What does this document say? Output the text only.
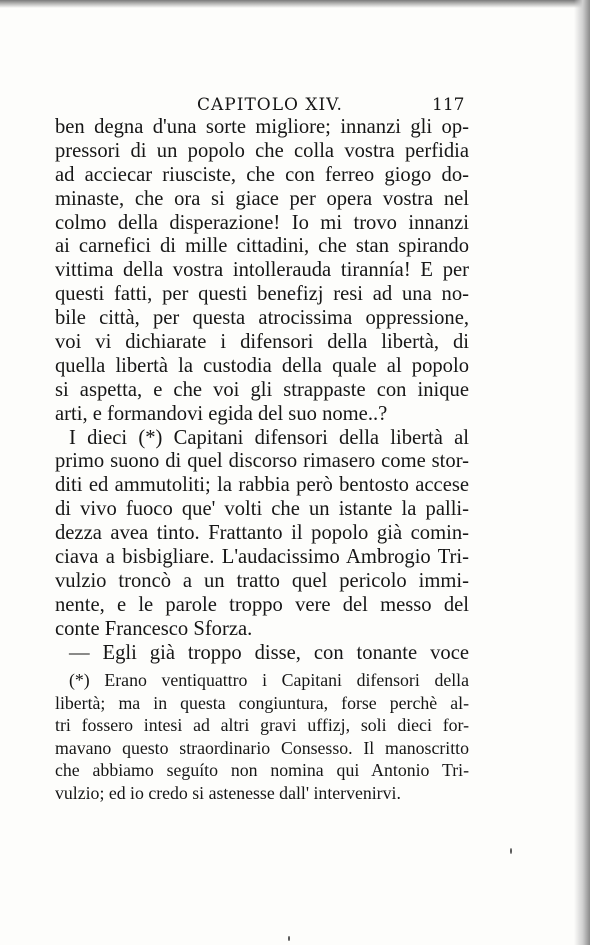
CAPITOLO XIV.	117
ben degna d'una sorte migliore; innanzi gli op-
pressori di un popolo che colla vostra perfidia
ad acciecar riusciste, che con ferreo giogo do-
minaste, che ora si giace per opera vostra nel
colmo della disperazione! Io mi trovo innanzi
ai carnefici di mille cittadini, che stan spirando
vittima della vostra intollerauda tirannía! E per
questi fatti, per questi benefizj resi ad una no-
bile città, per questa atrocissima oppressione,
voi vi dichiarate i difensori della libertà, di
quella libertà la custodia della quale al popolo
si aspetta, e che voi gli strappaste con inique
arti, e formandovi egida del suo nome..?
I dieci (*) Capitani difensori della libertà al
primo suono di quel discorso rimasero come stor-
diti ed ammutoliti; la rabbia però bentosto accese
di vivo fuoco que' volti che un istante la palli-
dezza avea tinto. Frattanto il popolo già comin-
ciava a bisbigliare. L'audacissimo Ambrogio Tri-
vulzio troncò a un tratto quel pericolo immi-
nente, e le parole troppo vere del messo del
conte Francesco Sforza.
— Egli già troppo disse, con tonante voce
(*) Erano ventiquattro i Capitani difensori della
libertà; ma in questa congiuntura, forse perchè al-
tri fossero intesi ad altri gravi uffizj, soli dieci for-
mavano questo straordinario Consesso. Il manoscritto
che abbiamo seguíto non nomina qui Antonio Tri-
vulzio; ed io credo si astenesse dall' intervenirvi.
